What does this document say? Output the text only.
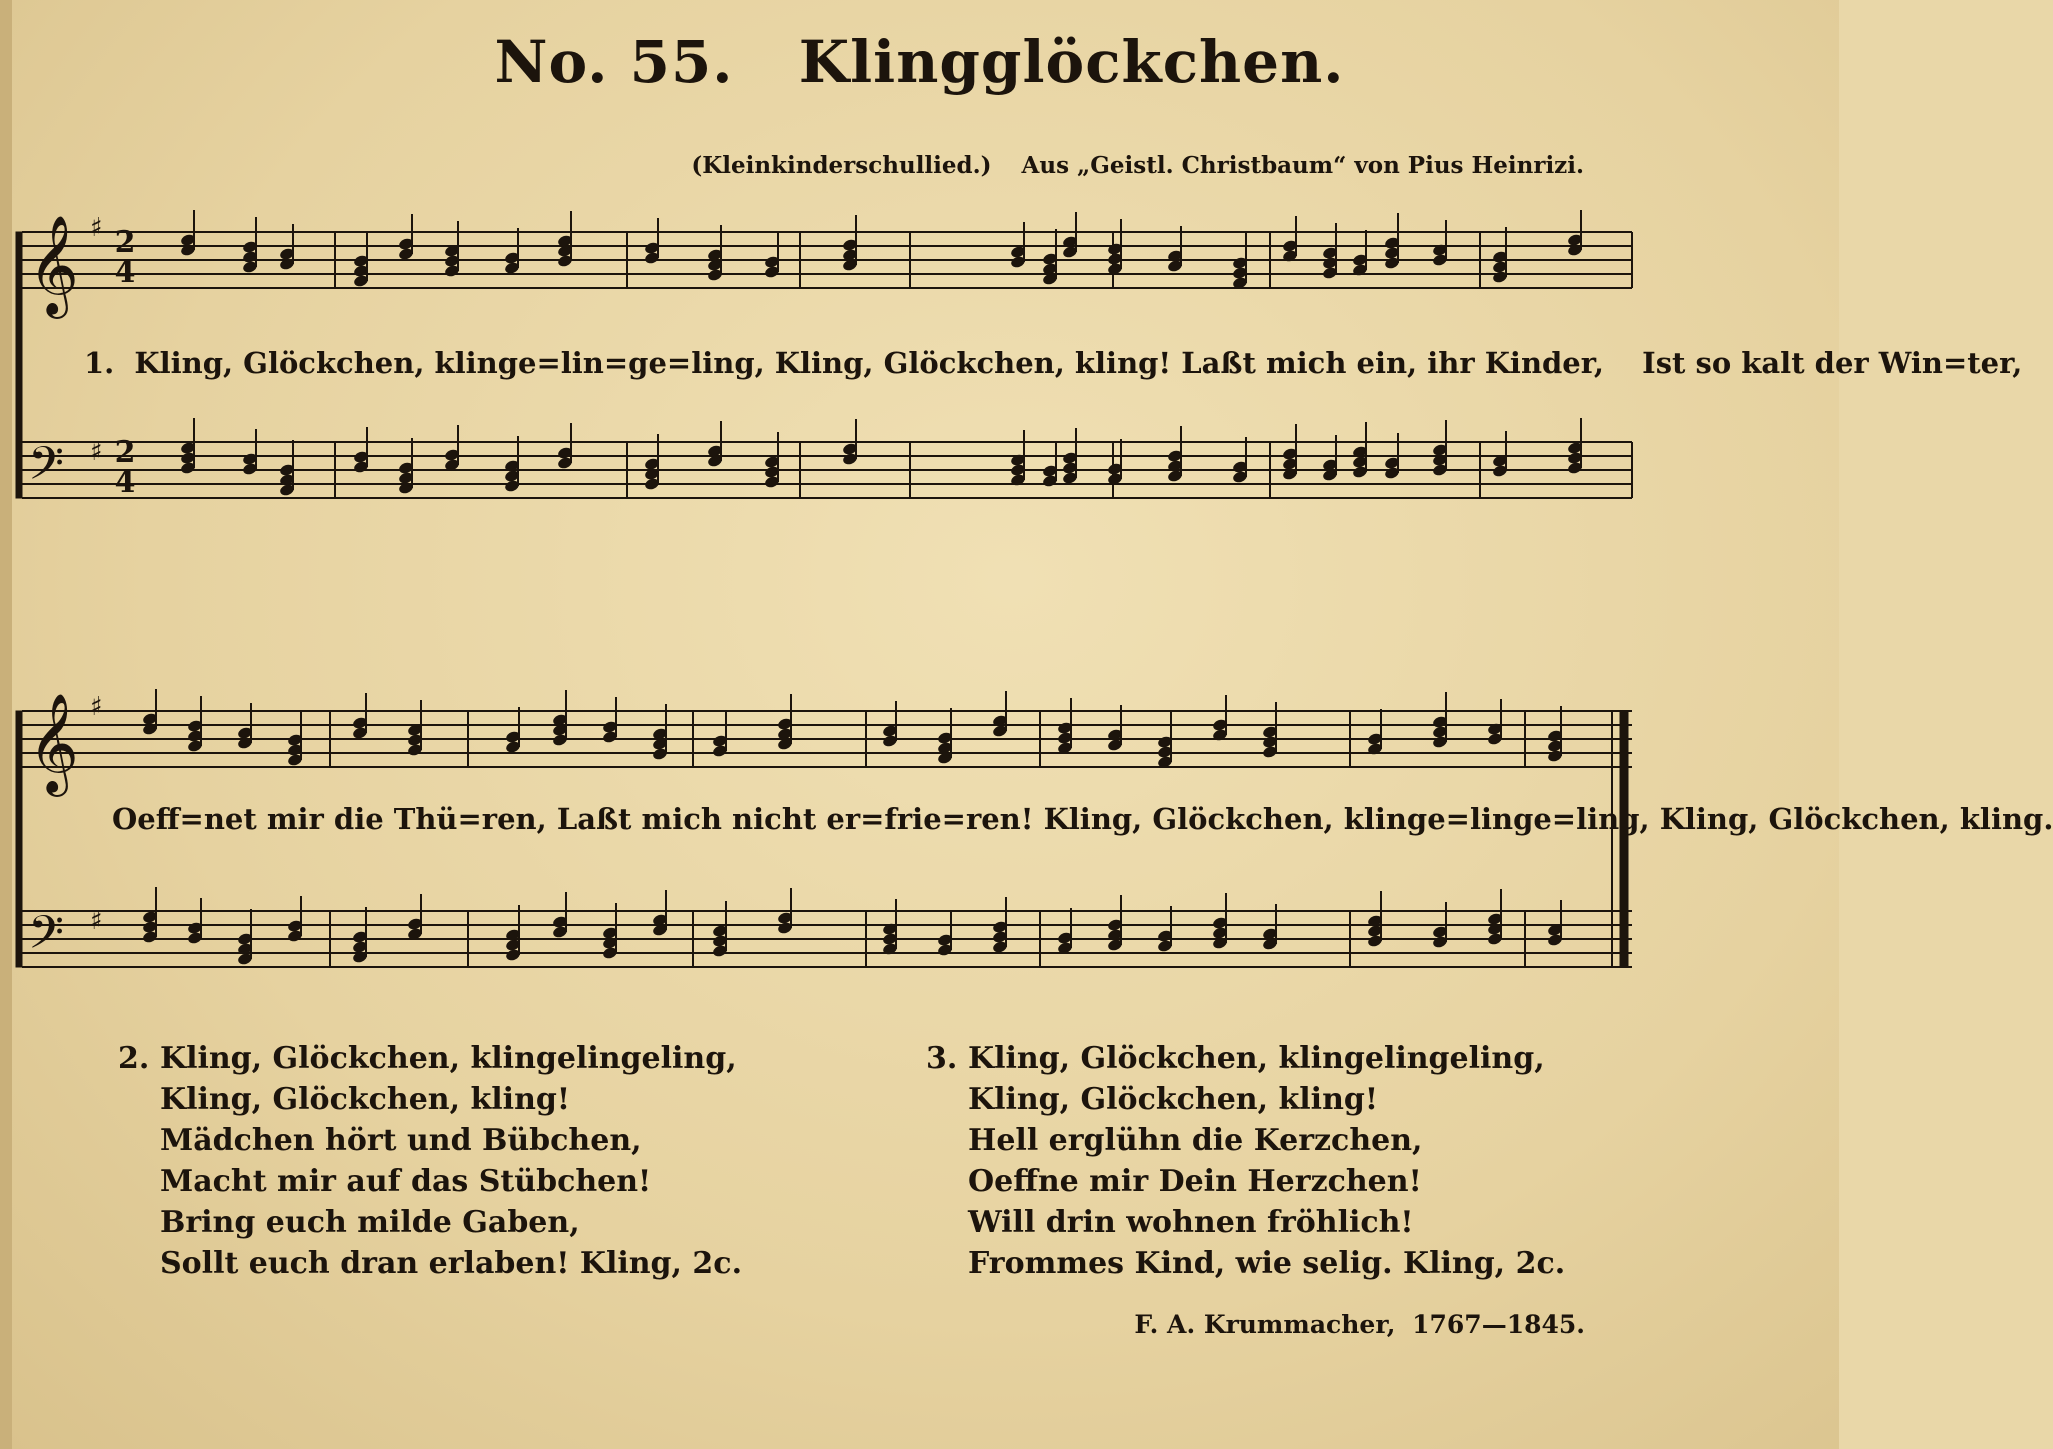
No. 55. Klingglöckchen.
(Kleinkinderschullied.) Aus „Geistl. Christbaum“ von Pius Heinrizi.
𝄞
𝄢
♯
♯
𝄞
𝄢
♯
♯
2
4
2
4
1. Kling, Glöckchen, klinge=lin=ge=ling, Kling, Glöckchen, kling! Laßt mich ein, ihr Kinder, Ist so kalt der Win=ter,
Oeff=net mir die Thü=ren, Laßt mich nicht er=frie=ren! Kling, Glöckchen, klinge=linge=ling, Kling, Glöckchen, kling.
2. Kling, Glöckchen, klingelingeling,
Kling, Glöckchen, kling!
Mädchen hört und Bübchen,
Macht mir auf das Stübchen!
Bring euch milde Gaben,
Sollt euch dran erlaben! Kling, 2c.
3. Kling, Glöckchen, klingelingeling,
Kling, Glöckchen, kling!
Hell erglühn die Kerzchen,
Oeffne mir Dein Herzchen!
Will drin wohnen fröhlich!
Frommes Kind, wie selig. Kling, 2c.
F. A. Krummacher, 1767—1845.
